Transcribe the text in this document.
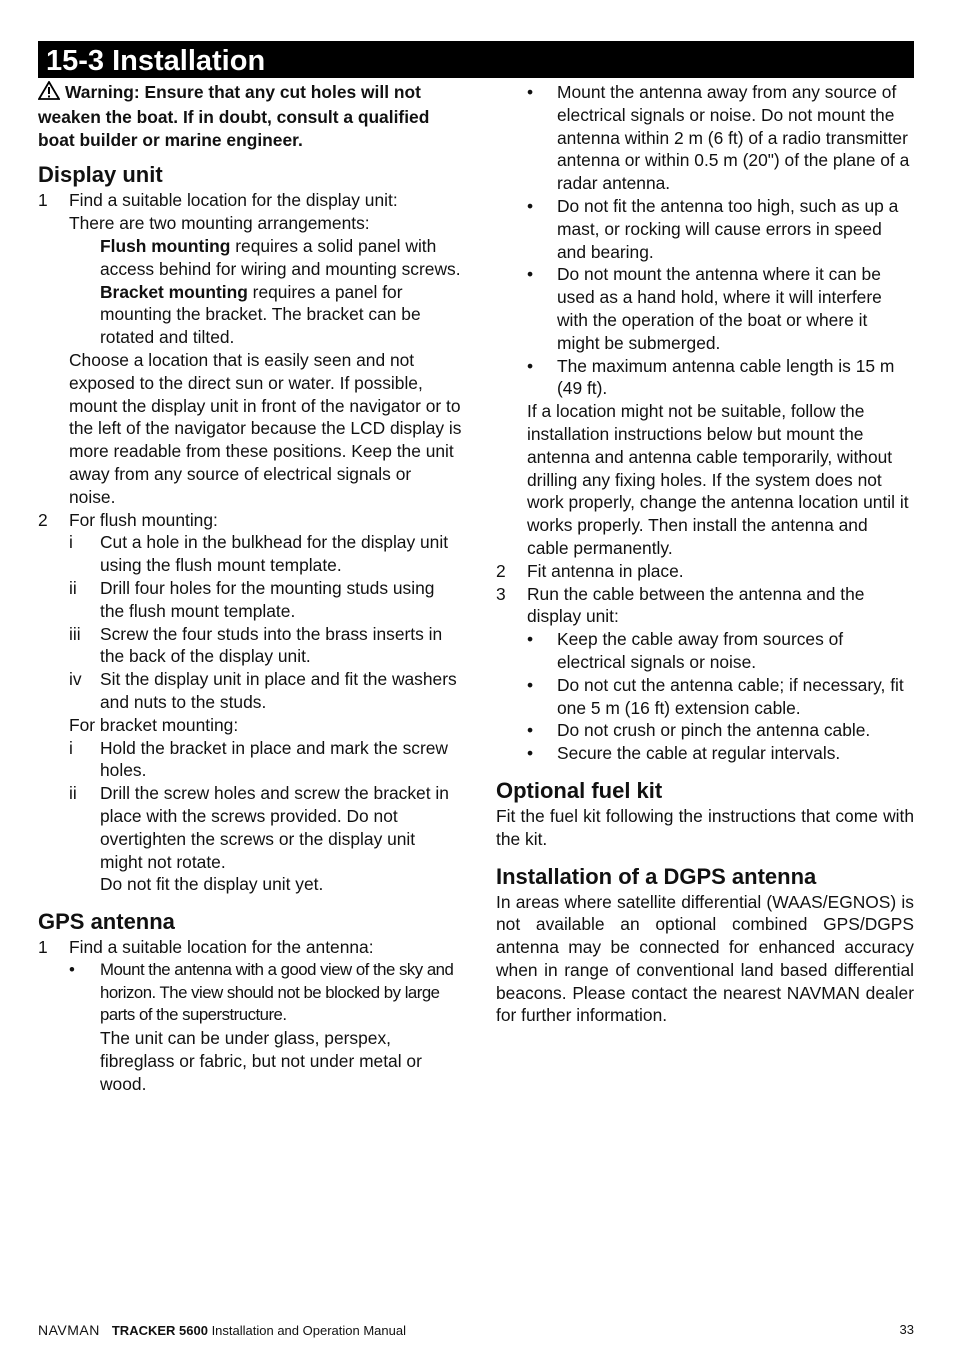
15-3 Installation
Warning: Ensure that any cut holes will not weaken the boat. If in doubt, consult a qualified boat builder or marine engineer.
Display unit
1 Find a suitable location for the display unit:
There are two mounting arrangements:
Flush mounting requires a solid panel with access behind for wiring and mounting screws.
Bracket mounting requires a panel for mounting the bracket. The bracket can be rotated and tilted.
Choose a location that is easily seen and not exposed to the direct sun or water. If possible, mount the display unit in front of the navigator or to the left of the navigator because the LCD display is more readable from these positions. Keep the unit away from any source of electrical signals or noise.
2 For flush mounting:
i Cut a hole in the bulkhead for the display unit using the flush mount template.
ii Drill four holes for the mounting studs using the flush mount template.
iii Screw the four studs into the brass inserts in the back of the display unit.
iv Sit the display unit in place and fit the washers and nuts to the studs.
For bracket mounting:
i Hold the bracket in place and mark the screw holes.
ii Drill the screw holes and screw the bracket in place with the screws provided. Do not overtighten the screws or the display unit might not rotate.
Do not fit the display unit yet.
GPS antenna
1 Find a suitable location for the antenna:
• Mount the antenna with a good view of the sky and horizon. The view should not be blocked by large parts of the superstructure.
The unit can be under glass, perspex, fibreglass or fabric, but not under metal or wood.
• Mount the antenna away from any source of electrical signals or noise. Do not mount the antenna within 2 m (6 ft) of a radio transmitter antenna or within 0.5 m (20") of the plane of a radar antenna.
• Do not fit the antenna too high, such as up a mast, or rocking will cause errors in speed and bearing.
• Do not mount the antenna where it can be used as a hand hold, where it will interfere with the operation of the boat or where it might be submerged.
• The maximum antenna cable length is 15 m (49 ft).
If a location might not be suitable, follow the installation instructions below but mount the antenna and antenna cable temporarily, without drilling any fixing holes. If the system does not work properly, change the antenna location until it works properly. Then install the antenna and cable permanently.
2 Fit antenna in place.
3 Run the cable between the antenna and the display unit:
• Keep the cable away from sources of electrical signals or noise.
• Do not cut the antenna cable; if necessary, fit one 5 m (16 ft) extension cable.
• Do not crush or pinch the antenna cable.
• Secure the cable at regular intervals.
Optional fuel kit
Fit the fuel kit following the instructions that come with the kit.
Installation of a DGPS antenna
In areas where satellite differential (WAAS/EGNOS) is not available an optional combined GPS/DGPS antenna may be connected for enhanced accuracy when in range of conventional land based differential beacons. Please contact the nearest NAVMAN dealer for further information.
NAVMAN TRACKER 5600 Installation and Operation Manual	33
